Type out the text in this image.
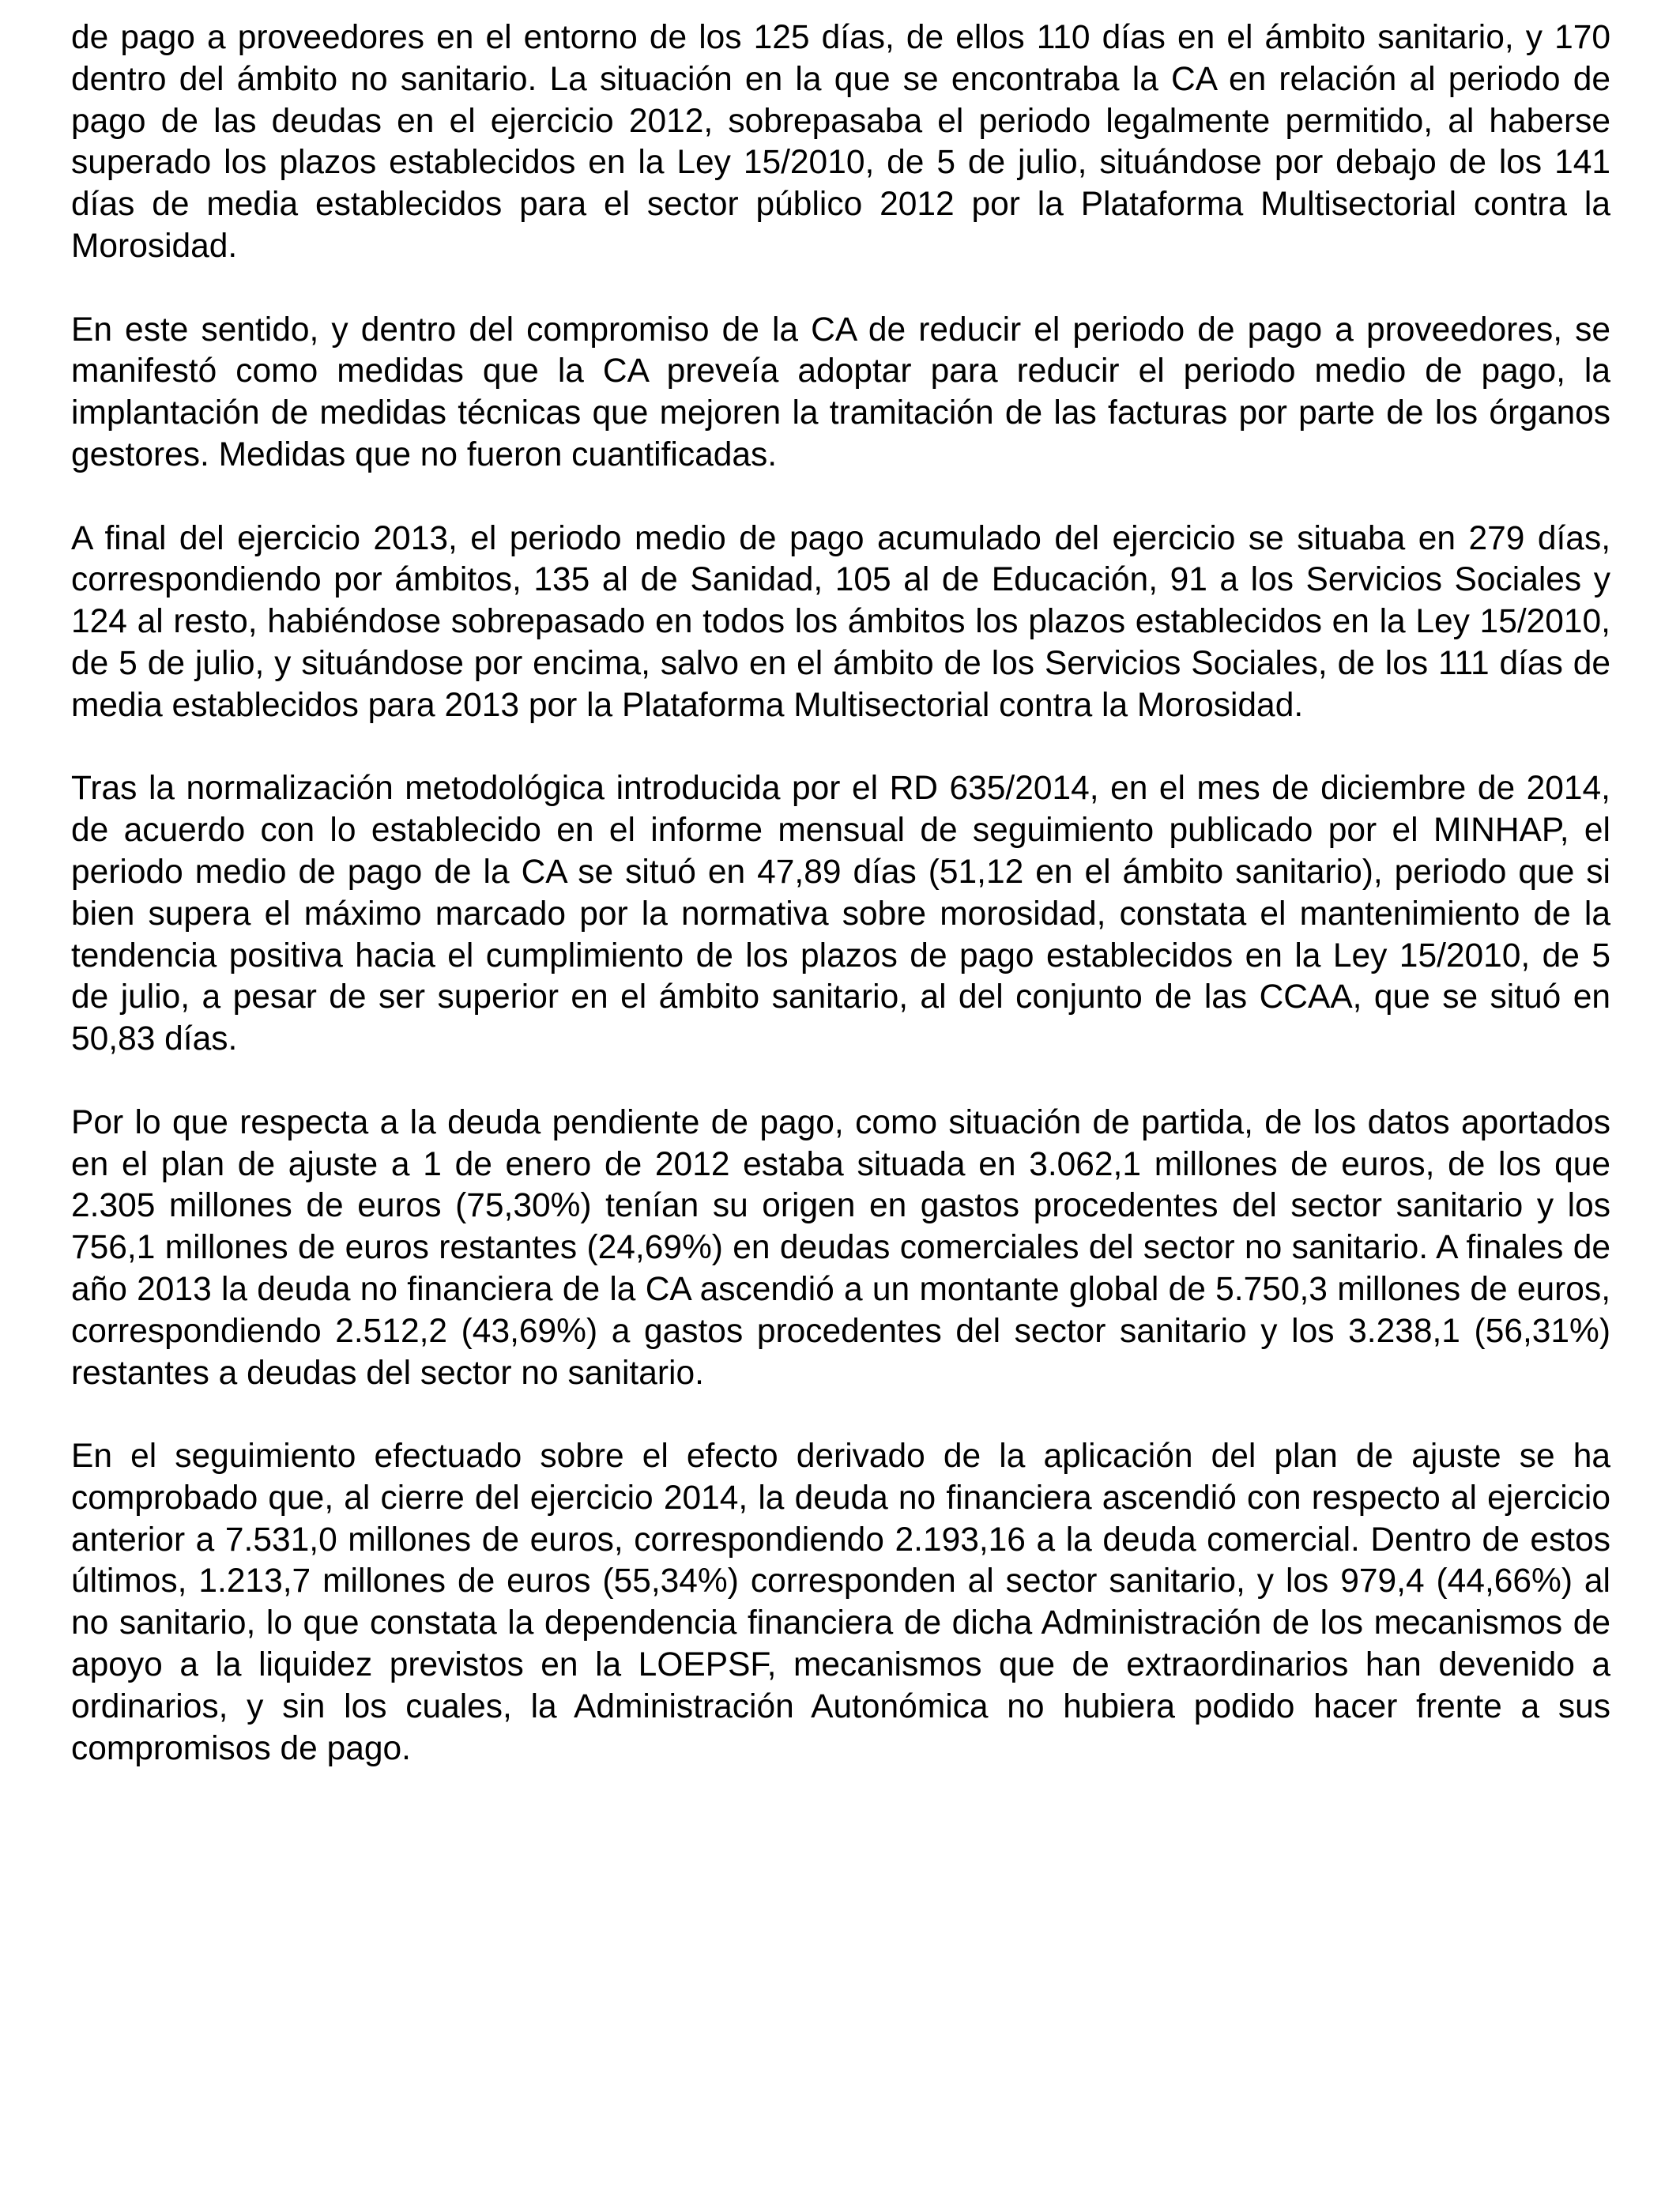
de pago a proveedores en el entorno de los 125 días, de ellos 110 días en el ámbito sanitario, y 170 dentro del ámbito no sanitario. La situación en la que se encontraba la CA en relación al periodo de pago de las deudas en el ejercicio 2012, sobrepasaba el periodo legalmente permitido, al haberse superado los plazos establecidos en la Ley 15/2010, de 5 de julio, situándose por debajo de los 141 días de media establecidos para el sector público 2012 por la Plataforma Multisectorial contra la Morosidad.

En este sentido, y dentro del compromiso de la CA de reducir el periodo de pago a proveedores, se manifestó como medidas que la CA preveía adoptar para reducir el periodo medio de pago, la implantación de medidas técnicas que mejoren la tramitación de las facturas por parte de los órganos gestores. Medidas que no fueron cuantificadas.

A final del ejercicio 2013, el periodo medio de pago acumulado del ejercicio se situaba en 279 días, correspondiendo por ámbitos, 135 al de Sanidad, 105 al de Educación, 91 a los Servicios Sociales y 124 al resto, habiéndose sobrepasado en todos los ámbitos los plazos establecidos en la Ley 15/2010, de 5 de julio, y situándose por encima, salvo en el ámbito de los Servicios Sociales, de los 111 días de media establecidos para 2013 por la Plataforma Multisectorial contra la Morosidad.

Tras la normalización metodológica introducida por el RD 635/2014, en el mes de diciembre de 2014, de acuerdo con lo establecido en el informe mensual de seguimiento publicado por el MINHAP, el periodo medio de pago de la CA se situó en 47,89 días (51,12 en el ámbito sanitario), periodo que si bien supera el máximo marcado por la normativa sobre morosidad, constata el mantenimiento de la tendencia positiva hacia el cumplimiento de los plazos de pago establecidos en la Ley 15/2010, de 5 de julio, a pesar de ser superior en el ámbito sanitario, al del conjunto de las CCAA, que se situó en 50,83 días.

Por lo que respecta a la deuda pendiente de pago, como situación de partida, de los datos aportados en el plan de ajuste a 1 de enero de 2012 estaba situada en 3.062,1 millones de euros, de los que 2.305 millones de euros (75,30%) tenían su origen en gastos procedentes del sector sanitario y los 756,1 millones de euros restantes (24,69%) en deudas comerciales del sector no sanitario. A finales de año 2013 la deuda no financiera de la CA ascendió a un montante global de 5.750,3 millones de euros, correspondiendo 2.512,2 (43,69%) a gastos procedentes del sector sanitario y los 3.238,1 (56,31%) restantes a deudas del sector no sanitario.

En el seguimiento efectuado sobre el efecto derivado de la aplicación del plan de ajuste se ha comprobado que, al cierre del ejercicio 2014, la deuda no financiera ascendió con respecto al ejercicio anterior a 7.531,0 millones de euros, correspondiendo 2.193,16 a la deuda comercial. Dentro de estos últimos, 1.213,7 millones de euros (55,34%) corresponden al sector sanitario, y los 979,4 (44,66%) al no sanitario, lo que constata la dependencia financiera de dicha Administración de los mecanismos de apoyo a la liquidez previstos en la LOEPSF, mecanismos que de extraordinarios han devenido a ordinarios, y sin los cuales, la Administración Autonómica no hubiera podido hacer frente a sus compromisos de pago.
